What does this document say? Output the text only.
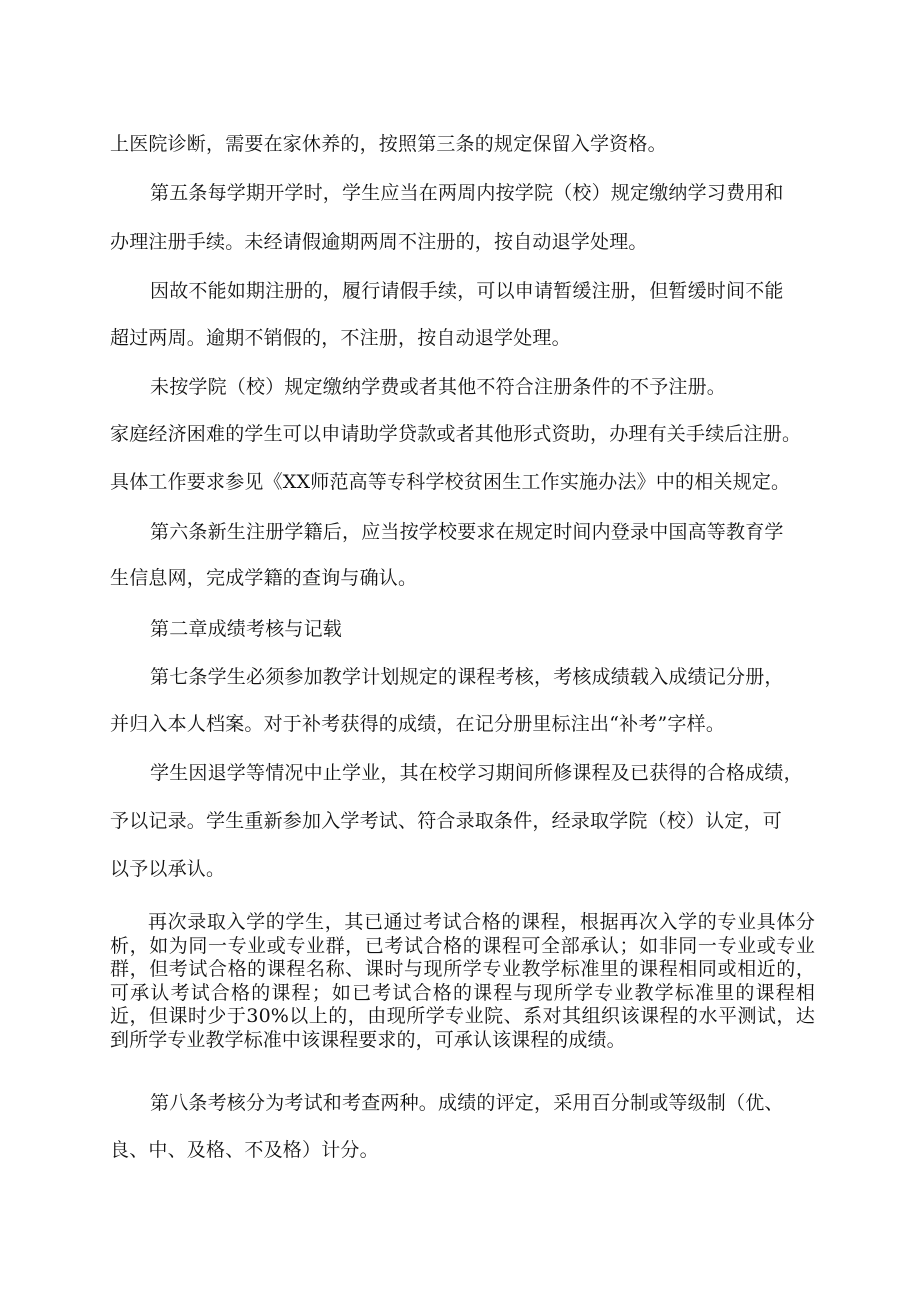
上医院诊断，需要在家休养的，按照第三条的规定保留入学资格。
第五条每学期开学时，学生应当在两周内按学院（校）规定缴纳学习费用和
办理注册手续。未经请假逾期两周不注册的，按自动退学处理。
因故不能如期注册的，履行请假手续，可以申请暂缓注册，但暂缓时间不能
超过两周。逾期不销假的，不注册，按自动退学处理。
未按学院（校）规定缴纳学费或者其他不符合注册条件的不予注册。
家庭经济困难的学生可以申请助学贷款或者其他形式资助，办理有关手续后注册。
具体工作要求参见《XX师范高等专科学校贫困生工作实施办法》中的相关规定。
第六条新生注册学籍后，应当按学校要求在规定时间内登录中国高等教育学
生信息网，完成学籍的查询与确认。
第二章成绩考核与记载
第七条学生必须参加教学计划规定的课程考核，考核成绩载入成绩记分册，
并归入本人档案。对于补考获得的成绩，在记分册里标注出“补考”字样。
学生因退学等情况中止学业，其在校学习期间所修课程及已获得的合格成绩，
予以记录。学生重新参加入学考试、符合录取条件，经录取学院（校）认定，可
以予以承认。
再次录取入学的学生，其已通过考试合格的课程，根据再次入学的专业具体分析，如为同一专业或专业群，已考试合格的课程可全部承认；如非同一专业或专业群，但考试合格的课程名称、课时与现所学专业教学标准里的课程相同或相近的，可承认考试合格的课程；如已考试合格的课程与现所学专业教学标准里的课程相近，但课时少于30%以上的，由现所学专业院、系对其组织该课程的水平测试，达到所学专业教学标准中该课程要求的，可承认该课程的成绩。
第八条考核分为考试和考查两种。成绩的评定，采用百分制或等级制（优、
良、中、及格、不及格）计分。
